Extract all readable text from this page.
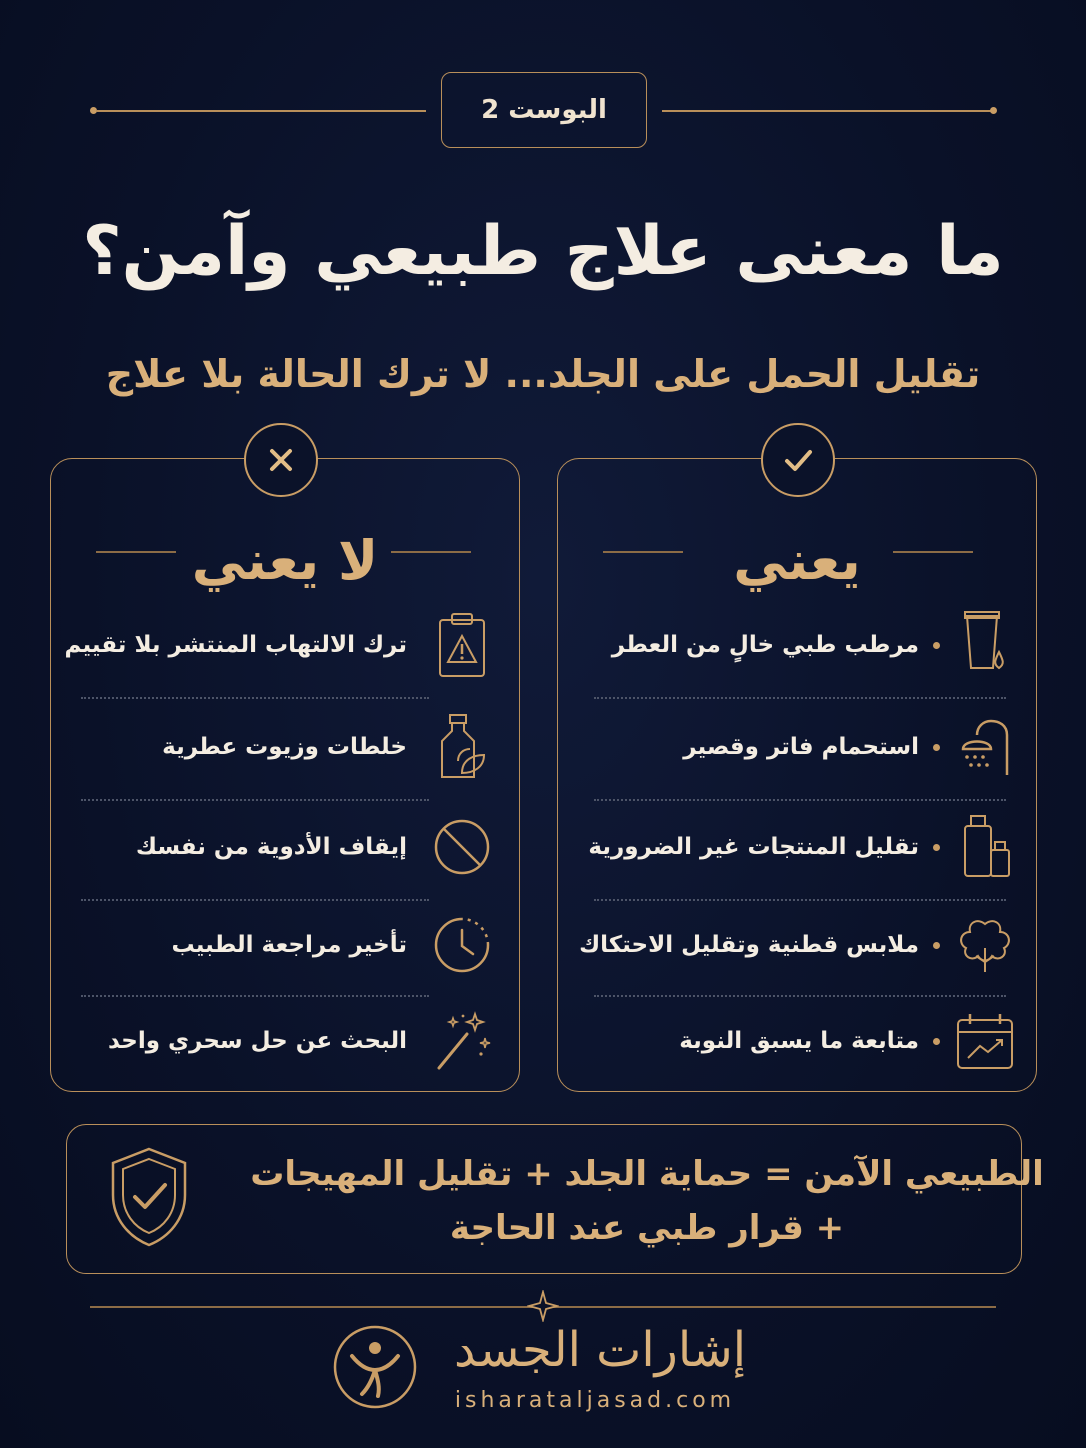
البوست 2
ما معنى علاج طبيعي وآمن؟
تقليل الحمل على الجلد... لا ترك الحالة بلا علاج
يعني
مرطب طبي خالٍ من العطر
استحمام فاتر وقصير
تقليل المنتجات غير الضرورية
ملابس قطنية وتقليل الاحتكاك
متابعة ما يسبق النوبة
لا يعني
ترك الالتهاب المنتشر بلا تقييم
خلطات وزيوت عطرية
إيقاف الأدوية من نفسك
تأخير مراجعة الطبيب
البحث عن حل سحري واحد
الطبيعي الآمن = حماية الجلد + تقليل المهيجات
+ قرار طبي عند الحاجة
إشارات الجسد
isharataljasad.com
